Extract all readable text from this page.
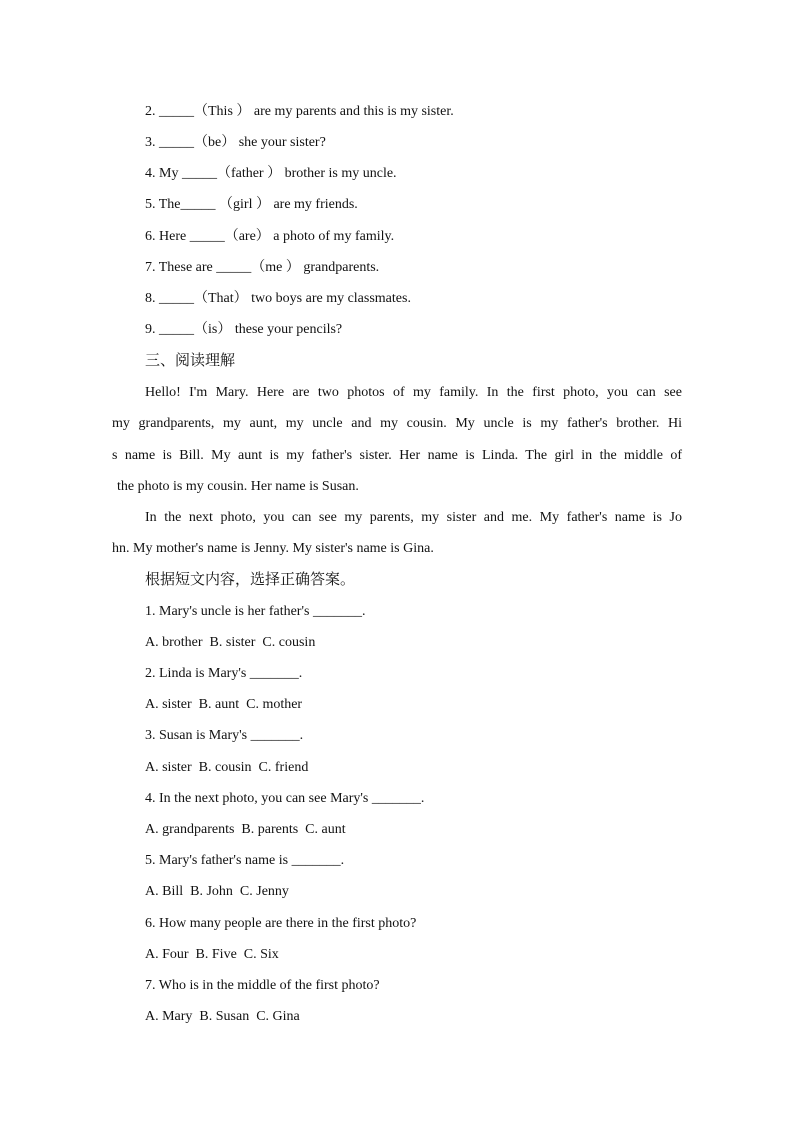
2. _____（This ） are my parents and this is my sister.
3. _____（be） she your sister?
4. My _____（father ） brother is my uncle.
5. The_____ （girl ） are my friends.
6. Here _____（are） a photo of my family.
7. These are _____（me ） grandparents.
8. _____（That） two boys are my classmates.
9. _____（is） these your pencils?
三、阅读理解
Hello! I'm Mary. Here are two photos of my family. In the first photo, you can see
my grandparents, my aunt, my uncle and my cousin. My uncle is my father's brother. Hi
s name is Bill. My aunt is my father's sister. Her name is Linda. The girl in the middle of
the photo is my cousin. Her name is Susan.
In the next photo, you can see my parents, my sister and me. My father's name is Jo
hn. My mother's name is Jenny. My sister's name is Gina.
根据短文内容，选择正确答案。
1. Mary's uncle is her father's _______.
A. brother  B. sister  C. cousin
2. Linda is Mary's _______.
A. sister  B. aunt  C. mother
3. Susan is Mary's _______.
A. sister  B. cousin  C. friend
4. In the next photo, you can see Mary's _______.
A. grandparents  B. parents  C. aunt
5. Mary's father's name is _______.
A. Bill  B. John  C. Jenny
6. How many people are there in the first photo?
A. Four  B. Five  C. Six
7. Who is in the middle of the first photo?
A. Mary  B. Susan  C. Gina
